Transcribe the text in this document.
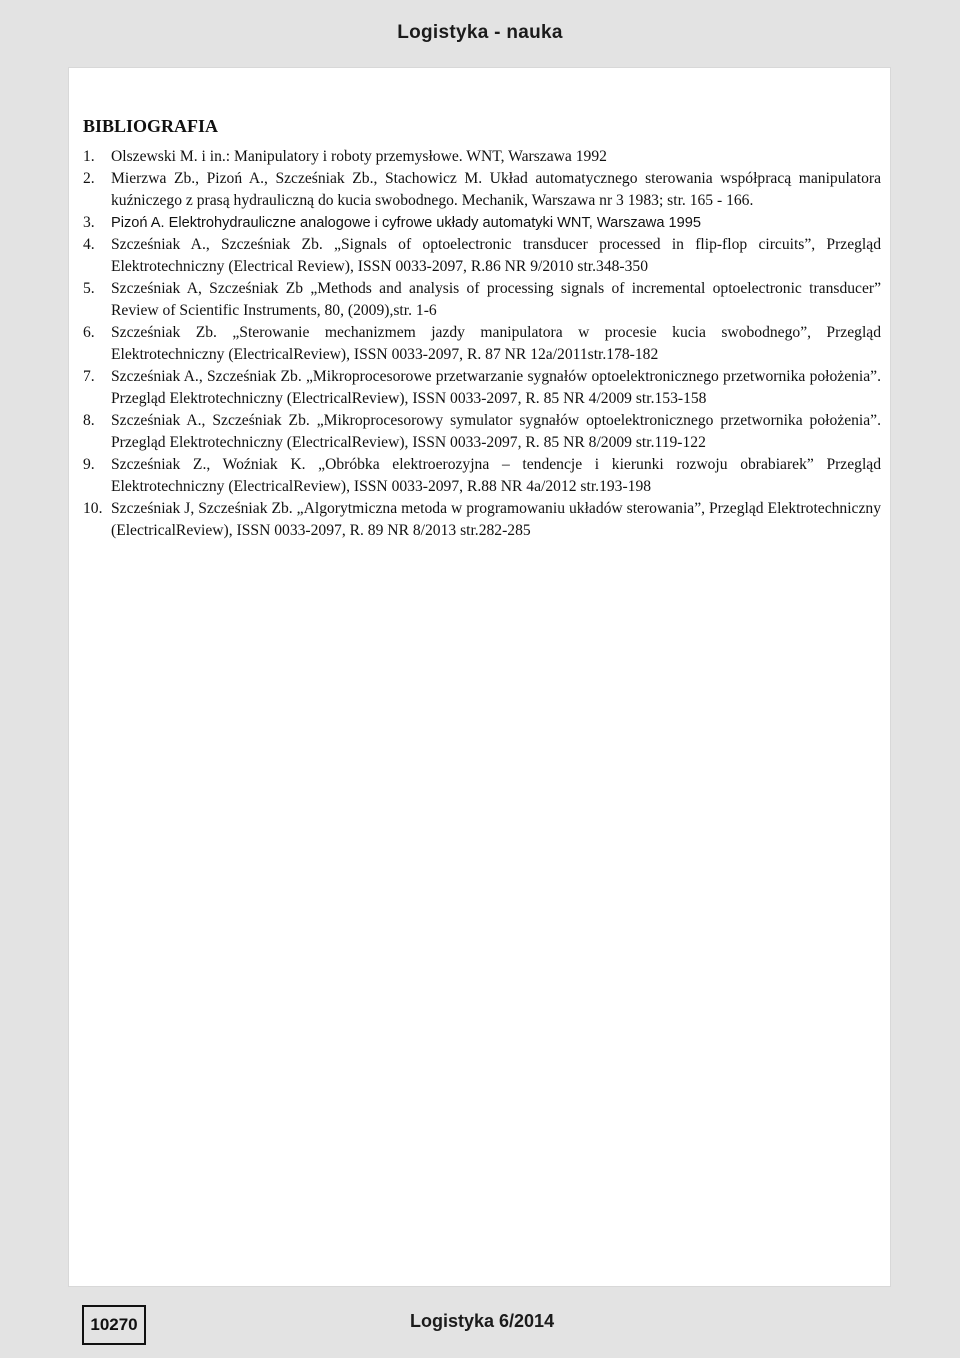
Logistyka - nauka
BIBLIOGRAFIA
1.	Olszewski M. i in.: Manipulatory i roboty przemysłowe. WNT, Warszawa 1992
2.	Mierzwa Zb., Pizoń A., Szcześniak Zb., Stachowicz M. Układ automatycznego sterowania współpracą manipulatora kuźniczego z prasą hydrauliczną do kucia swobodnego. Mechanik, Warszawa nr 3 1983; str. 165 - 166.
3.	Pizoń A. Elektrohydrauliczne analogowe i cyfrowe układy automatyki WNT, Warszawa 1995
4.	Szcześniak A., Szcześniak Zb. „Signals of optoelectronic transducer processed in flip-flop circuits”, Przegląd Elektrotechniczny (Electrical Review), ISSN 0033-2097, R.86 NR 9/2010 str.348-350
5.	Szcześniak A, Szcześniak Zb „Methods and analysis of processing signals of incremental optoelectronic transducer” Review of Scientific Instruments, 80, (2009),str. 1-6
6.	Szcześniak Zb. „Sterowanie mechanizmem jazdy manipulatora w procesie kucia swobodnego”, Przegląd Elektrotechniczny (ElectricalReview), ISSN 0033-2097, R. 87 NR 12a/2011str.178-182
7.	Szcześniak A., Szcześniak Zb. „Mikroprocesorowe przetwarzanie sygnałów optoelektronicznego przetwornika położenia”. Przegląd Elektrotechniczny (ElectricalReview), ISSN 0033-2097, R. 85 NR 4/2009 str.153-158
8.	Szcześniak A., Szcześniak Zb. „Mikroprocesorowy symulator sygnałów optoelektronicznego przetwornika położenia”. Przegląd Elektrotechniczny (ElectricalReview), ISSN 0033-2097, R. 85 NR 8/2009 str.119-122
9.	Szcześniak Z., Woźniak K. „Obróbka elektroerozyjna – tendencje i kierunki rozwoju obrabiarek” Przegląd Elektrotechniczny (ElectricalReview), ISSN 0033-2097, R.88 NR 4a/2012 str.193-198
10. Szcześniak J, Szcześniak Zb. „Algorytmiczna metoda w programowaniu układów sterowania”, Przegląd Elektrotechniczny (ElectricalReview), ISSN 0033-2097, R. 89 NR 8/2013 str.282-285
10270	Logistyka 6/2014
